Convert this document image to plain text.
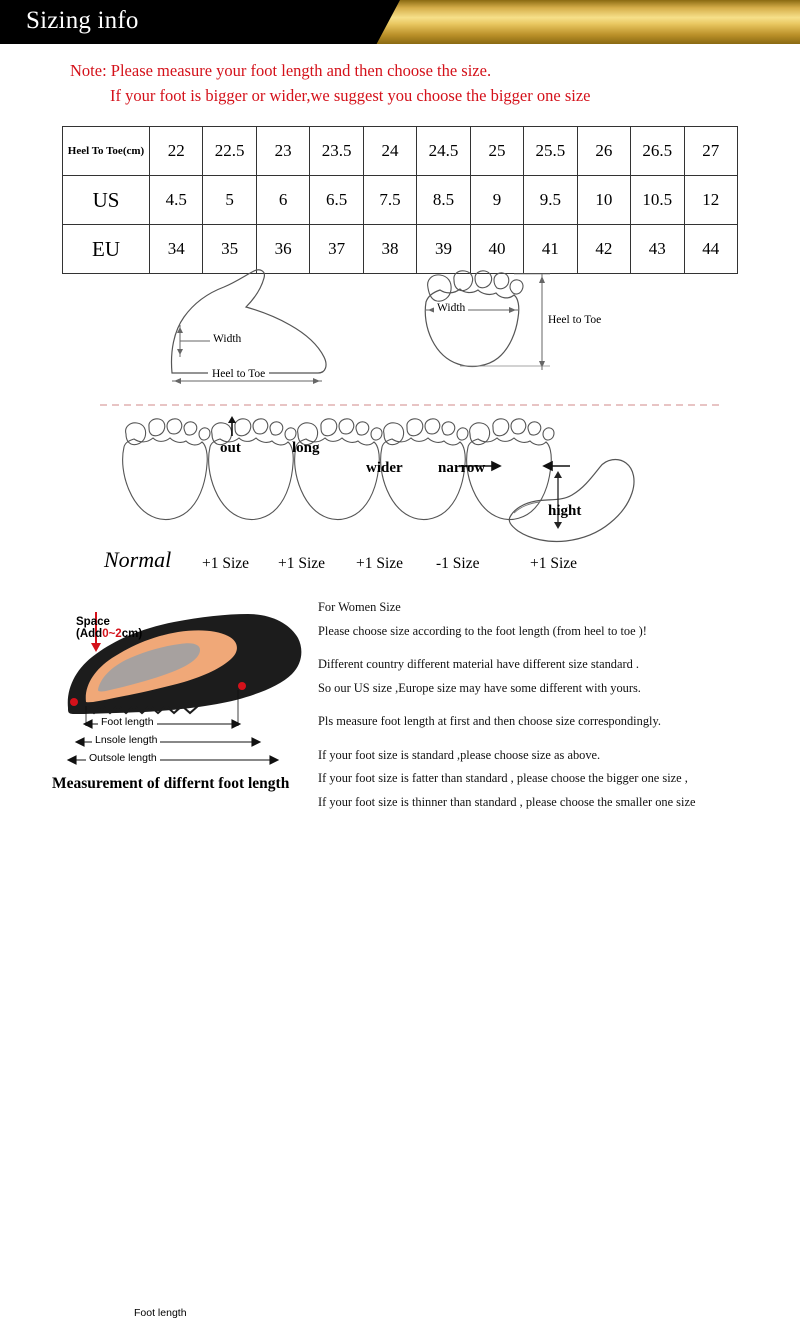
Sizing info
Note: Please measure your foot length and then choose the size.
If your foot is bigger or wider,we suggest you choose the bigger one size
Heel To Toe(cm)	22	22.5	23	23.5	24	24.5	25	25.5	26	26.5	27
US	4.5	5	6	6.5	7.5	8.5	9	9.5	10	10.5	12
EU	34	35	36	37	38	39	40	41	42	43	44
Width
Heel to Toe
Width
Heel to Toe
out	long
wider narrow
hight
Normal +1 Size +1 Size +1 Size -1 Size	+1 Size
Foot length
Space
(Add0~2cm)
Foot length
Lnsole length
Outsole length
Measurement of differnt foot length

For Women Size

Please choose size according to the foot length (from heel to toe )!

Different country different material have different size standard .

So our US size ,Europe size may have some different with yours.

Pls measure foot length at first and then choose size correspondingly.

If your foot size is standard ,please choose size as above.

If your foot size is fatter than standard , please choose the bigger one size ,

If your foot size is thinner than standard , please choose the smaller one size
